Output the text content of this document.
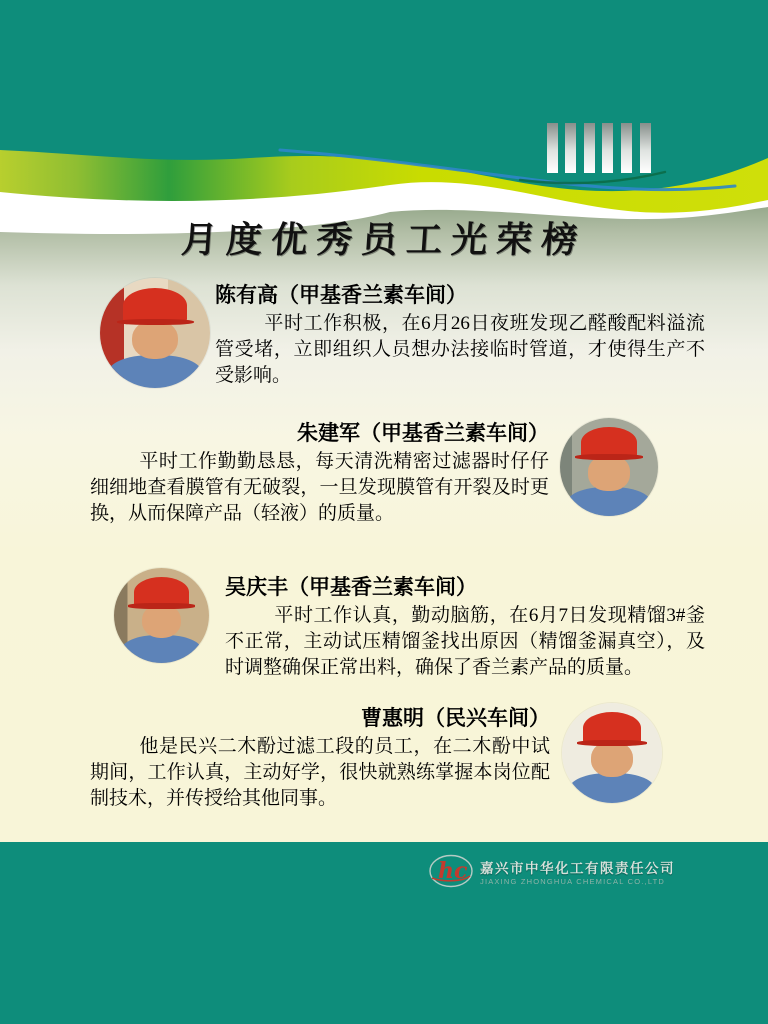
月度优秀员工光荣榜
陈有高（甲基香兰素车间）

平时工作积极，在6月26日夜班发现乙醛酸配料溢流管受堵，立即组织人员想办法接临时管道，才使得生产不受影响。

朱建军（甲基香兰素车间）

平时工作勤勤恳恳，每天清洗精密过滤器时仔仔细细地查看膜管有无破裂，一旦发现膜管有开裂及时更换，从而保障产品（轻液）的质量。

吴庆丰（甲基香兰素车间）

平时工作认真，勤动脑筋，在6月7日发现精馏3#釜不正常，主动试压精馏釜找出原因（精馏釜漏真空），及时调整确保正常出料，确保了香兰素产品的质量。

曹惠明（民兴车间）

他是民兴二木酚过滤工段的员工，在二木酚中试期间，工作认真，主动好学，很快就熟练掌握本岗位配制技术，并传授给其他同事。

hc 嘉兴市中华化工有限责任公司
JIAXING ZHONGHUA CHEMICAL CO.,LTD
